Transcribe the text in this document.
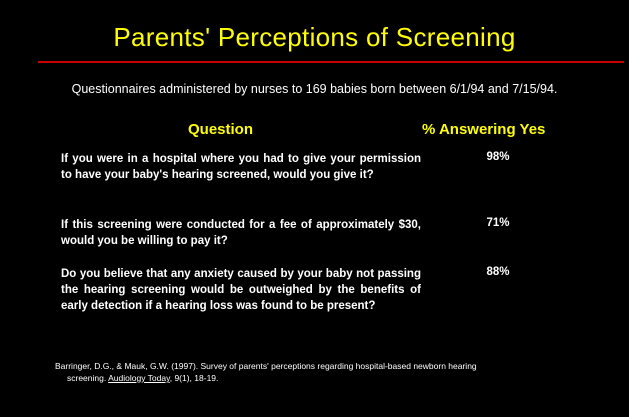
Parents' Perceptions of Screening
Questionnaires administered by nurses to 169 babies born between 6/1/94 and 7/15/94.
Question	% Answering Yes
If you were in a hospital where you had to give your permission to have your baby's hearing screened, would you give it?
98%
If this screening were conducted for a fee of approximately $30, would you be willing to pay it?
71%
Do you believe that any anxiety caused by your baby not passing the hearing screening would be outweighed by the benefits of early detection if a hearing loss was found to be present?
88%
Barringer, D.G., & Mauk, G.W. (1997). Survey of parents' perceptions regarding hospital-based newborn hearing
screening. Audiology Today, 9(1), 18-19.
